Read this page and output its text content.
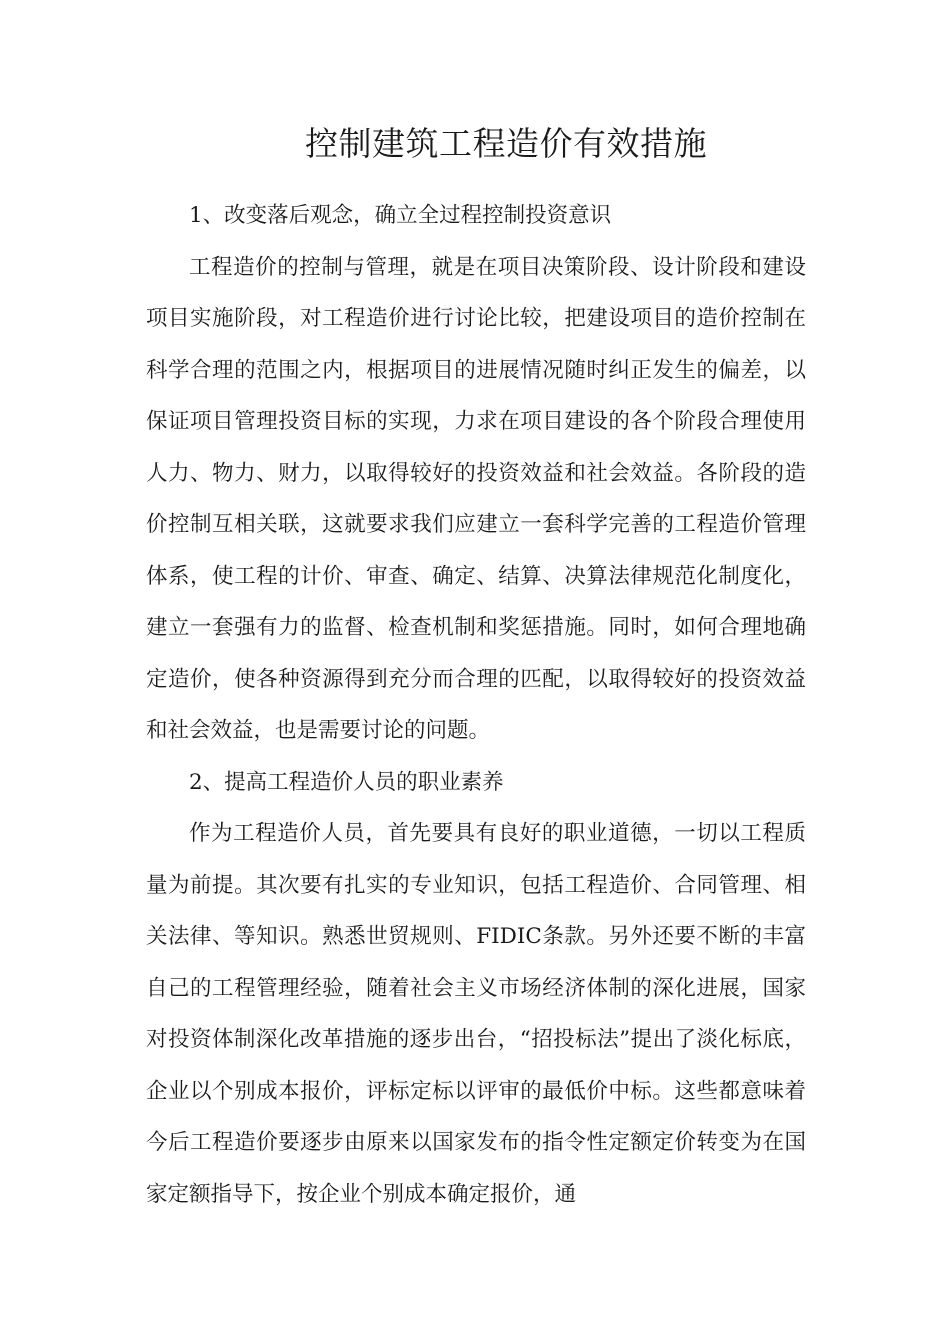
控制建筑工程造价有效措施

1、改变落后观念，确立全过程控制投资意识

工程造价的控制与管理，就是在项目决策阶段、设计阶段和建设项目实施阶段，对工程造价进行讨论比较，把建设项目的造价控制在科学合理的范围之内，根据项目的进展情况随时纠正发生的偏差，以保证项目管理投资目标的实现，力求在项目建设的各个阶段合理使用人力、物力、财力，以取得较好的投资效益和社会效益。各阶段的造价控制互相关联，这就要求我们应建立一套科学完善的工程造价管理体系，使工程的计价、审查、确定、结算、决算法律规范化制度化，建立一套强有力的监督、检查机制和奖惩措施。同时，如何合理地确定造价，使各种资源得到充分而合理的匹配，以取得较好的投资效益和社会效益，也是需要讨论的问题。

2、提高工程造价人员的职业素养

作为工程造价人员，首先要具有良好的职业道德，一切以工程质量为前提。其次要有扎实的专业知识，包括工程造价、合同管理、相关法律、等知识。熟悉世贸规则、FIDIC条款。另外还要不断的丰富自己的工程管理经验，随着社会主义市场经济体制的深化进展，国家对投资体制深化改革措施的逐步出台，“招投标法”提出了淡化标底，企业以个别成本报价，评标定标以评审的最低价中标。这些都意味着今后工程造价要逐步由原来以国家发布的指令性定额定价转变为在国家定额指导下，按企业个别成本确定报价，通
